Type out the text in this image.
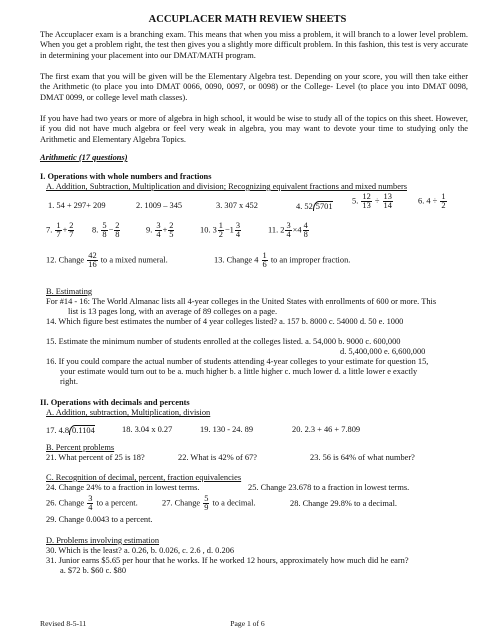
ACCUPLACER MATH REVIEW SHEETS
The Accuplacer exam is a branching exam. This means that when you miss a problem, it will branch to a lower level problem. When you get a problem right, the test then gives you a slightly more difficult problem. In this fashion, this test is very accurate in determining your placement into our DMAT/MATH program.
The first exam that you will be given will be the Elementary Algebra test. Depending on your score, you will then take either the Arithmetic (to place you into DMAT 0066, 0090, 0097, or 0098) or the College- Level (to place you into DMAT 0098, DMAT 0099, or college level math classes).
If you have had two years or more of algebra in high school, it would be wise to study all of the topics on this sheet. However, if you did not have much algebra or feel very weak in algebra, you may want to devote your time to studying only the Arithmetic and Elementary Algebra Topics.
Arithmetic (17 questions)
I. Operations with whole numbers and fractions
A. Addition, Subtraction, Multiplication and division; Recognizing equivalent fractions and mixed numbers
1. 54 + 297+ 209	2. 1009 – 345	3. 307 x 452	4. 52 5701
5. $\frac{12}{13} \div \frac{13}{14}$	6. $4 \div \frac{1}{2}$
7. $\frac{1}{7} + \frac{2}{7} 8$. $\frac{5}{8} - \frac{2}{8}$	9. $\frac{3}{4} + \frac{2}{5}$	10. $3 \frac{1}{2} -1 \frac{3}{4}$	11. $2 \frac{3}{4} \times 4 \frac{4}{8}$
12. Change $\frac{42}{16}$ to a mixed numeral.	13. Change $4 \frac{1}{6}$ to an improper fraction.
B. Estimating
For #14 - 16: The World Almanac lists all 4-year colleges in the United States with enrollments of 600 or more. This
list is 13 pages long, with an average of 89 colleges on a page.
14. Which figure best estimates the number of 4 year colleges listed? a. 157 b. 8000 c. 54000 d. 50 e. 1000
15. Estimate the minimum number of students enrolled at the colleges listed. a. 54,000 b. 9000 c. 600,000
d. 5,400,000 e. 6,600,000
16. If you could compare the actual number of students attending 4-year colleges to your estimate for question 15,
your estimate would turn out to be a. much higher b. a little higher c. much lower d. a little lower e exactly
right.
II. Operations with decimals and percents
A. Addition, subtraction, Multiplication, division
17. 4.8 0.1104	18. 3.04 x 0.27	19. 130 - 24. 89	20. 2.3 + 46 + 7.809
B. Percent problems
21. What percent of 25 is 18?	22. What is 42% of 67?	23. 56 is 64% of what number?
C. Recognition of decimal, percent, fraction equivalencies
24. Change 24% to a fraction in lowest terms.	25. Change 23.678 to a fraction in lowest terms.
26. Change $\frac{3}{4}$ to a percent.	27. Change $\frac{5}{9}$ to a decimal.	28. Change 29.8% to a decimal.
29. Change 0.0043 to a percent.
D. Problems involving estimation
30. Which is the least? a. 0.26, b. 0.026, c. 2.6 , d. 0.206
31. Junior earns $5.65 per hour that he works. If he worked 12 hours, approximately how much did he earn?
a. $72 b. $60 c. $80
Revised 8-5-11	Page 1 of 6
